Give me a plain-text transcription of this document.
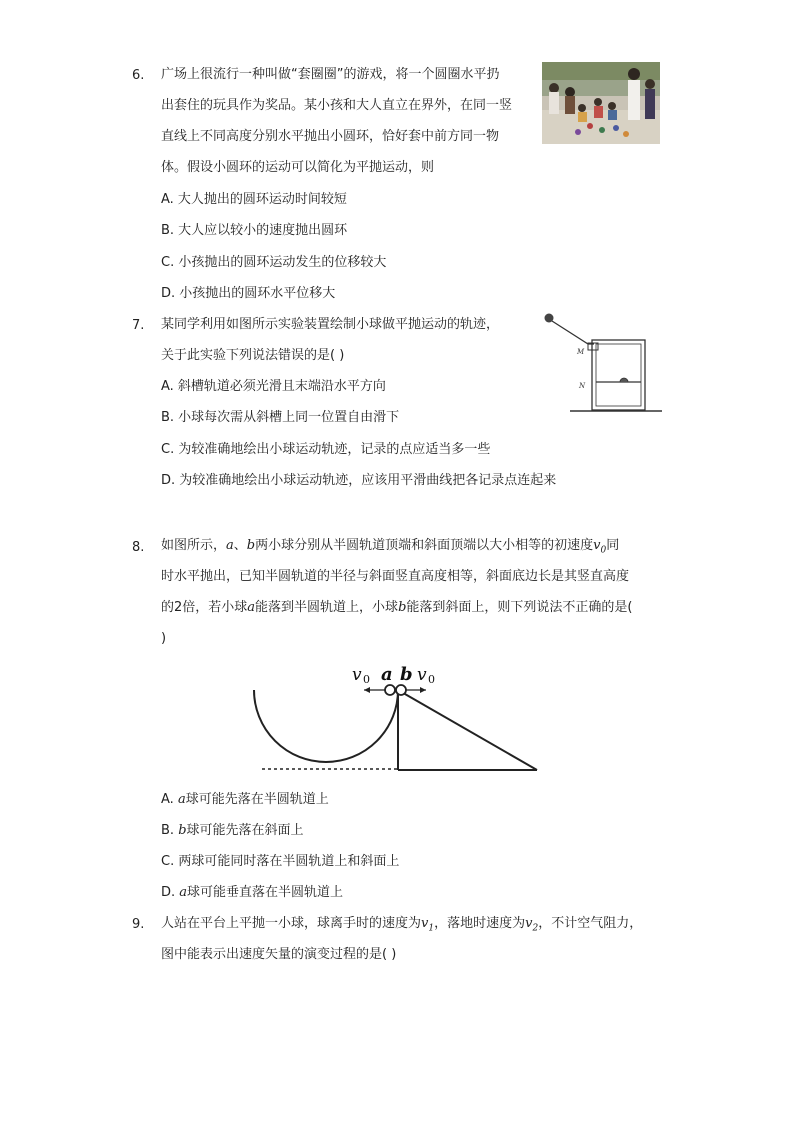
6. 广场上很流行一种叫做“套圈圈”的游戏，将一个圆圈水平扔
出套住的玩具作为奖品。某小孩和大人直立在界外，在同一竖
直线上不同高度分别水平抛出小圆环，恰好套中前方同一物
体。假设小圆环的运动可以简化为平抛运动，则
A. 大人抛出的圆环运动时间较短
B. 大人应以较小的速度抛出圆环
C. 小孩抛出的圆环运动发生的位移较大
D. 小孩抛出的圆环水平位移大
7. 某同学利用如图所示实验装置绘制小球做平抛运动的轨迹，
关于此实验下列说法错误的是( )
A. 斜槽轨道必须光滑且末端沿水平方向
B. 小球每次需从斜槽上同一位置自由滑下
C. 为较准确地绘出小球运动轨迹，记录的点应适当多一些
D. 为较准确地绘出小球运动轨迹，应该用平滑曲线把各记录点连起来
M
N
8. 如图所示，a、b两小球分别从半圆轨道顶端和斜面顶端以大小相等的初速度$v_0$同
时水平抛出，已知半圆轨道的半径与斜面竖直高度相等，斜面底边长是其竖直高度
的2倍，若小球a能落到半圆轨道上，小球b能落到斜面上，则下列说法不正确的是(
)
v 0 a b v 0
A. a球可能先落在半圆轨道上
B. b球可能先落在斜面上
C. 两球可能同时落在半圆轨道上和斜面上
D. a球可能垂直落在半圆轨道上
9. 人站在平台上平抛一小球，球离手时的速度为$v_1$，落地时速度为$v_2$，不计空气阻力，
图中能表示出速度矢量的演变过程的是( )
